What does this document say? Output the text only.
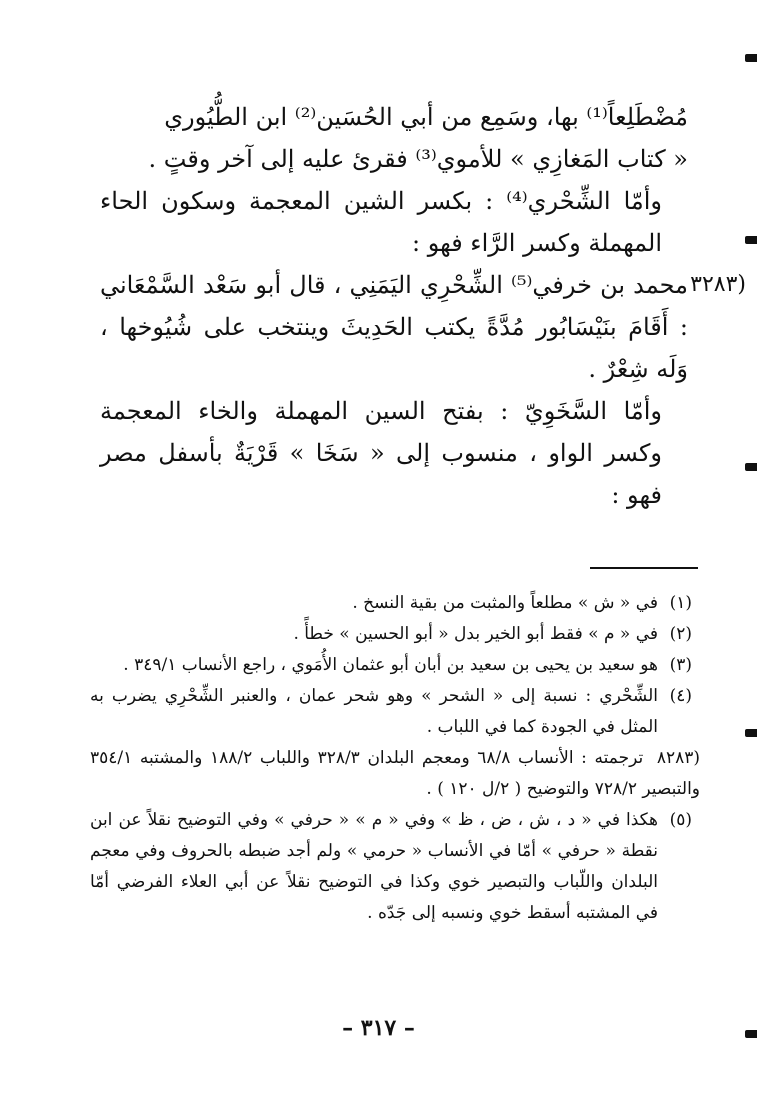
مُضْطَلِعاً⁽¹⁾ بها، وسَمِع من أبي الحُسَين⁽²⁾ ابن الطُّيُوري

« كتاب المَغازِي » للأموي⁽³⁾ فقرئ عليه إلى آخر وقتٍ .

وأمّا الشِّحْري⁽⁴⁾ : بكسر الشين المعجمة وسكون الحاء المهملة وكسر الرَّاء فهو :

(٣٢٨٣

محمد بن خرفي⁽⁵⁾ الشِّحْرِي اليَمَنِي ، قال أبو سَعْد السَّمْعَاني : أَقَامَ بنَيْسَابُور مُدَّةً يكتب الحَدِيثَ وينتخب على شُيُوخها ، وَلَه شِعْرٌ .

وأمّا السَّخَوِيّ : بفتح السين المهملة والخاء المعجمة وكسر الواو ، منسوب إلى « سَخَا » قَرْيَةٌ بأسفل مصر فهو :

(١)
في « ش » مطلعاً والمثبت من بقية النسخ .

(٢)
في « م » فقط أبو الخير بدل « أبو الحسين » خطأً .

(٣)
هو سعيد بن يحيى بن سعيد بن أبان أبو عثمان الأُمَوي ، راجع الأنساب ٣٤٩/١ .

(٤)
الشِّحْري : نسبة إلى « الشحر » وهو شحر عمان ، والعنبر الشِّحْرِي يضرب به المثل في الجودة كما في اللباب .

(٨٢٨٣ ترجمته : الأنساب ٦٨/٨ ومعجم البلدان ٣٢٨/٣ واللباب ١٨٨/٢ والمشتبه ٣٥٤/١ والتبصير ٧٢٨/٢ والتوضيح ( ٢/ل ١٢٠ ) .

(٥)
هكذا في « د ، ش ، ض ، ظ » وفي « م » « حرفي » وفي التوضيح نقلاً عن ابن نقطة « حرفي » أمّا في الأنساب « حرمي » ولم أجد ضبطه بالحروف وفي معجم البلدان واللّباب والتبصير خوي وكذا في التوضيح نقلاً عن أبي العلاء الفرضي أمّا في المشتبه أسقط خوي ونسبه إلى جَدّه .

– ٣١٧ –
